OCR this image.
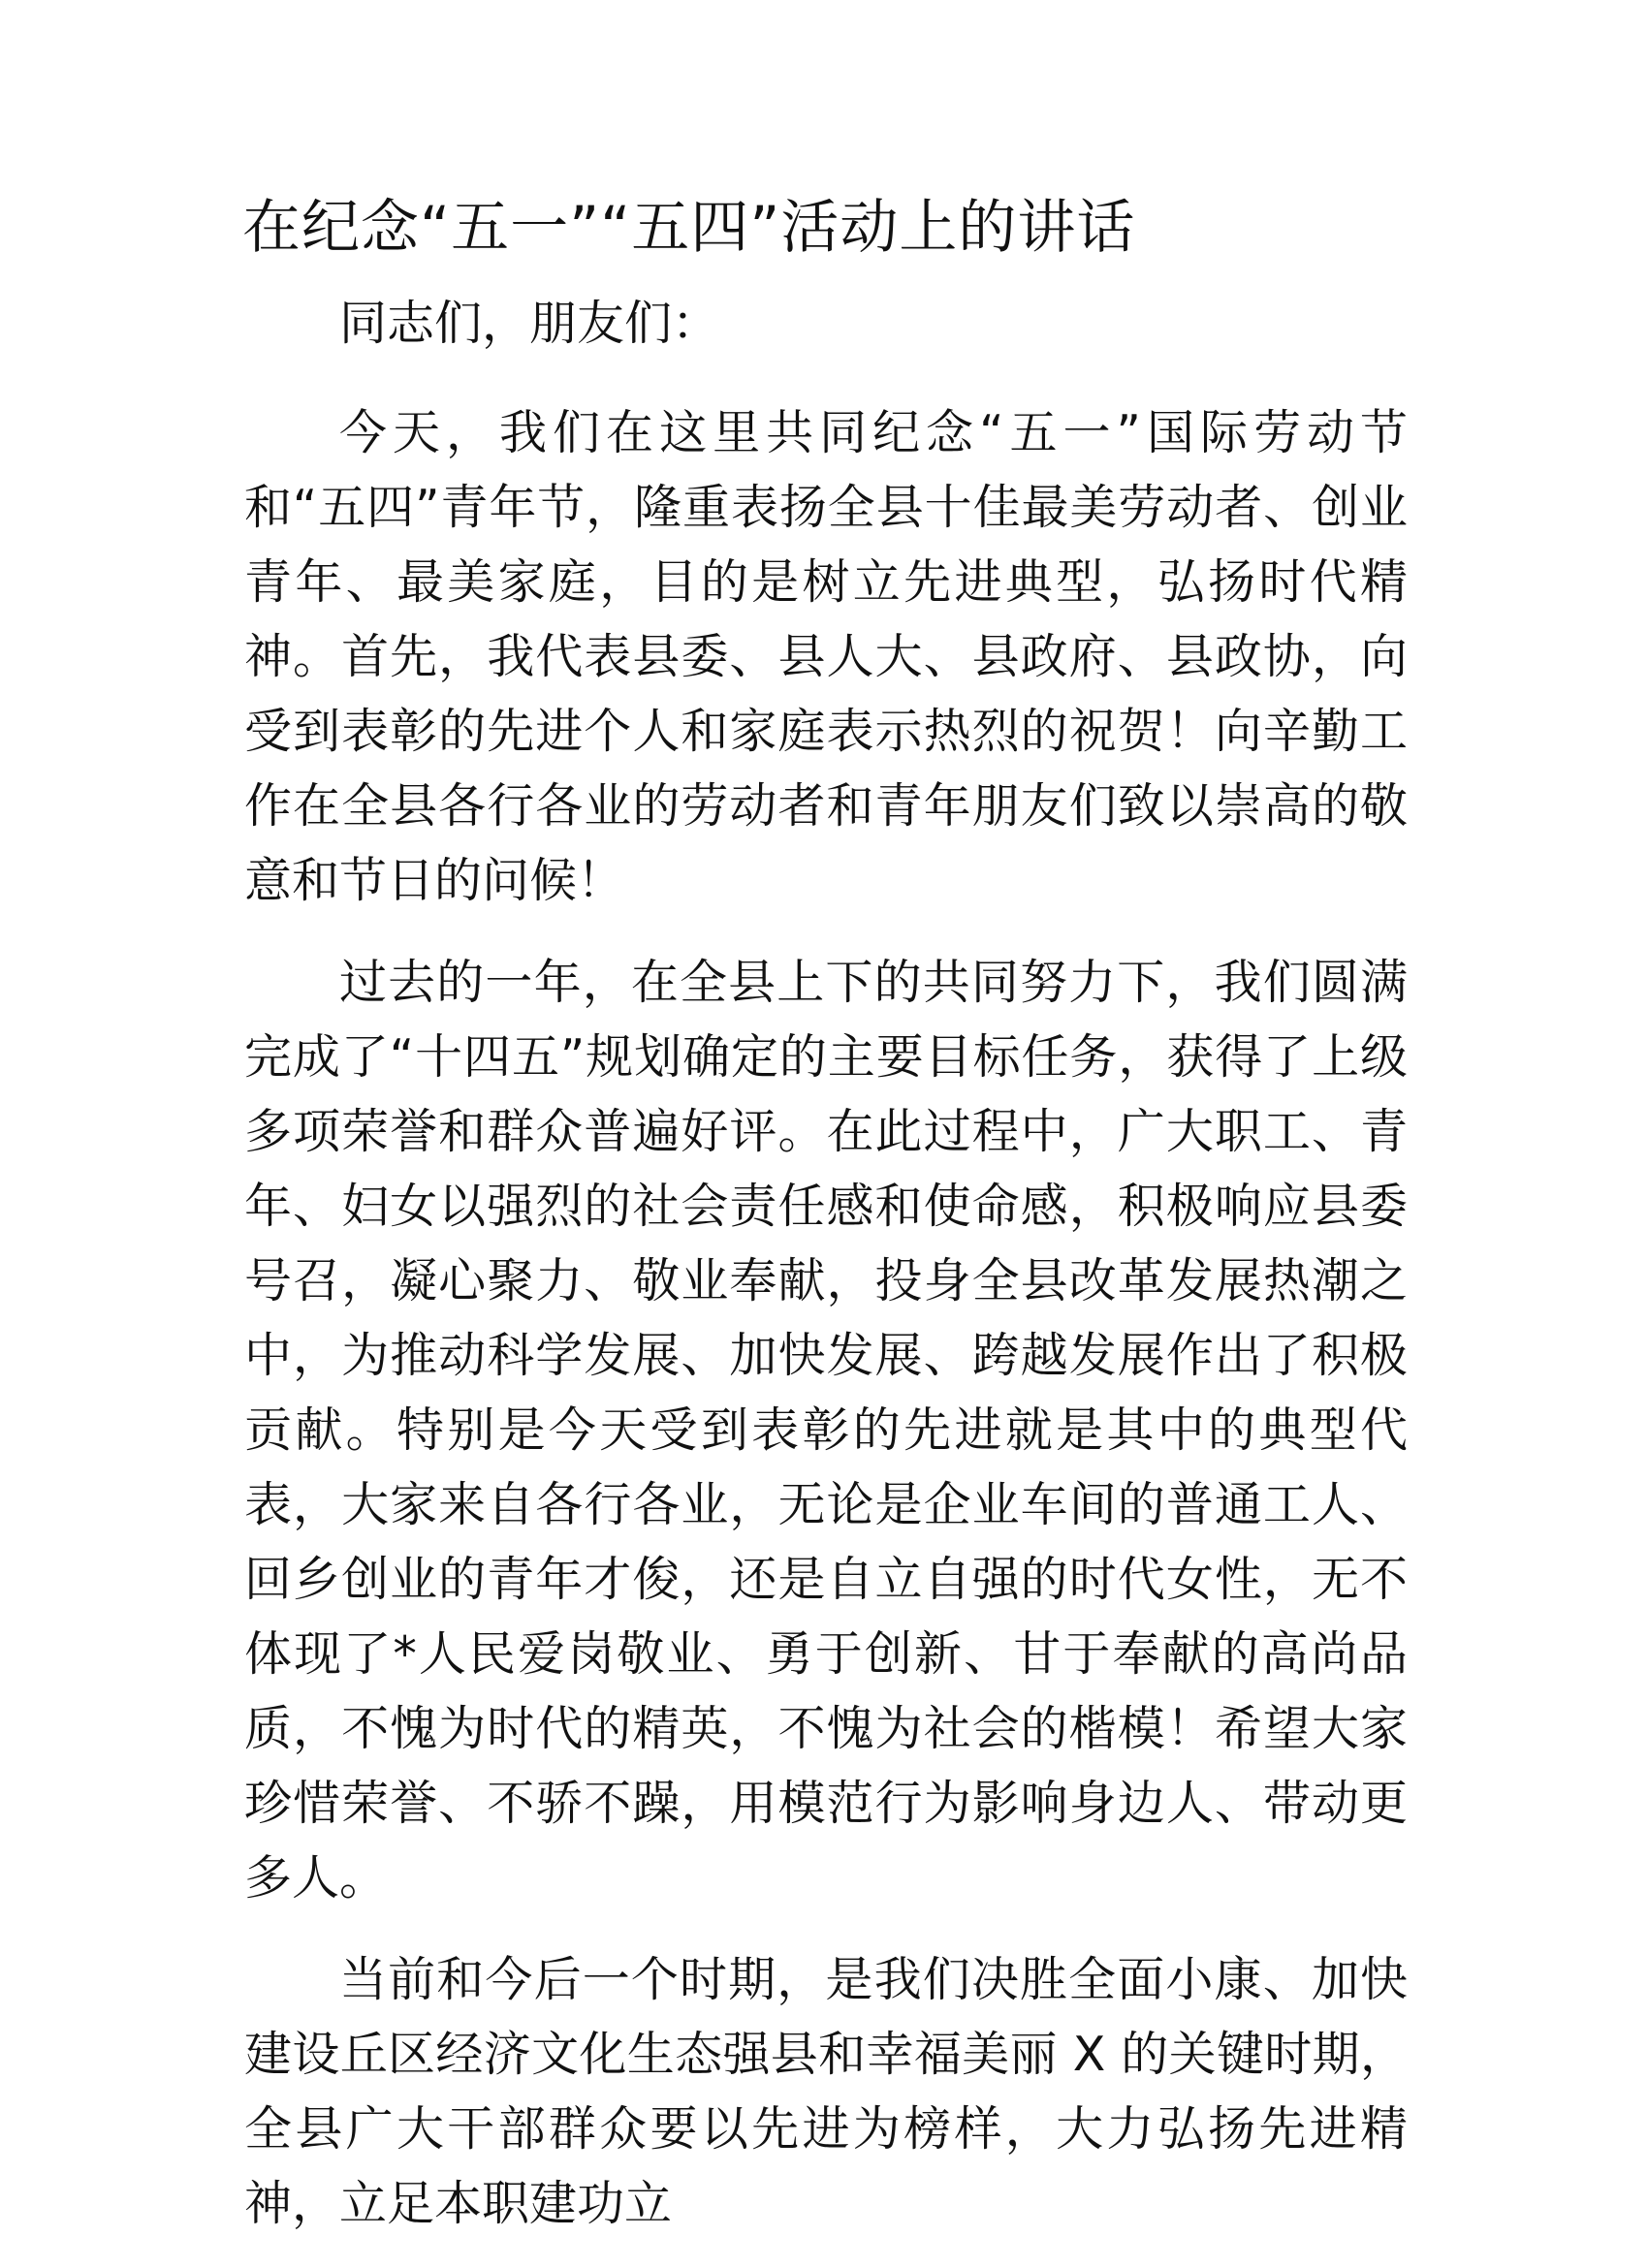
在纪念“五一”“五四”活动上的讲话

同志们，朋友们：

今天，我们在这里共同纪念“五一”国际劳动节和“五四”青年节，隆重表扬全县十佳最美劳动者、创业青年、最美家庭，目的是树立先进典型，弘扬时代精神。首先，我代表县委、县人大、县政府、县政协，向受到表彰的先进个人和家庭表示热烈的祝贺！向辛勤工作在全县各行各业的劳动者和青年朋友们致以崇高的敬意和节日的问候！

过去的一年，在全县上下的共同努力下，我们圆满完成了“十四五”规划确定的主要目标任务，获得了上级多项荣誉和群众普遍好评。在此过程中，广大职工、青年、妇女以强烈的社会责任感和使命感，积极响应县委号召，凝心聚力、敬业奉献，投身全县改革发展热潮之中，为推动科学发展、加快发展、跨越发展作出了积极贡献。特别是今天受到表彰的先进就是其中的典型代表，大家来自各行各业，无论是企业车间的普通工人、回乡创业的青年才俊，还是自立自强的时代女性，无不体现了*人民爱岗敬业、勇于创新、甘于奉献的高尚品质，不愧为时代的精英，不愧为社会的楷模！希望大家珍惜荣誉、不骄不躁，用模范行为影响身边人、带动更多人。

当前和今后一个时期，是我们决胜全面小康、加快建设丘区经济文化生态强县和幸福美丽 X 的关键时期，全县广大干部群众要以先进为榜样，大力弘扬先进精神，立足本职建功立
